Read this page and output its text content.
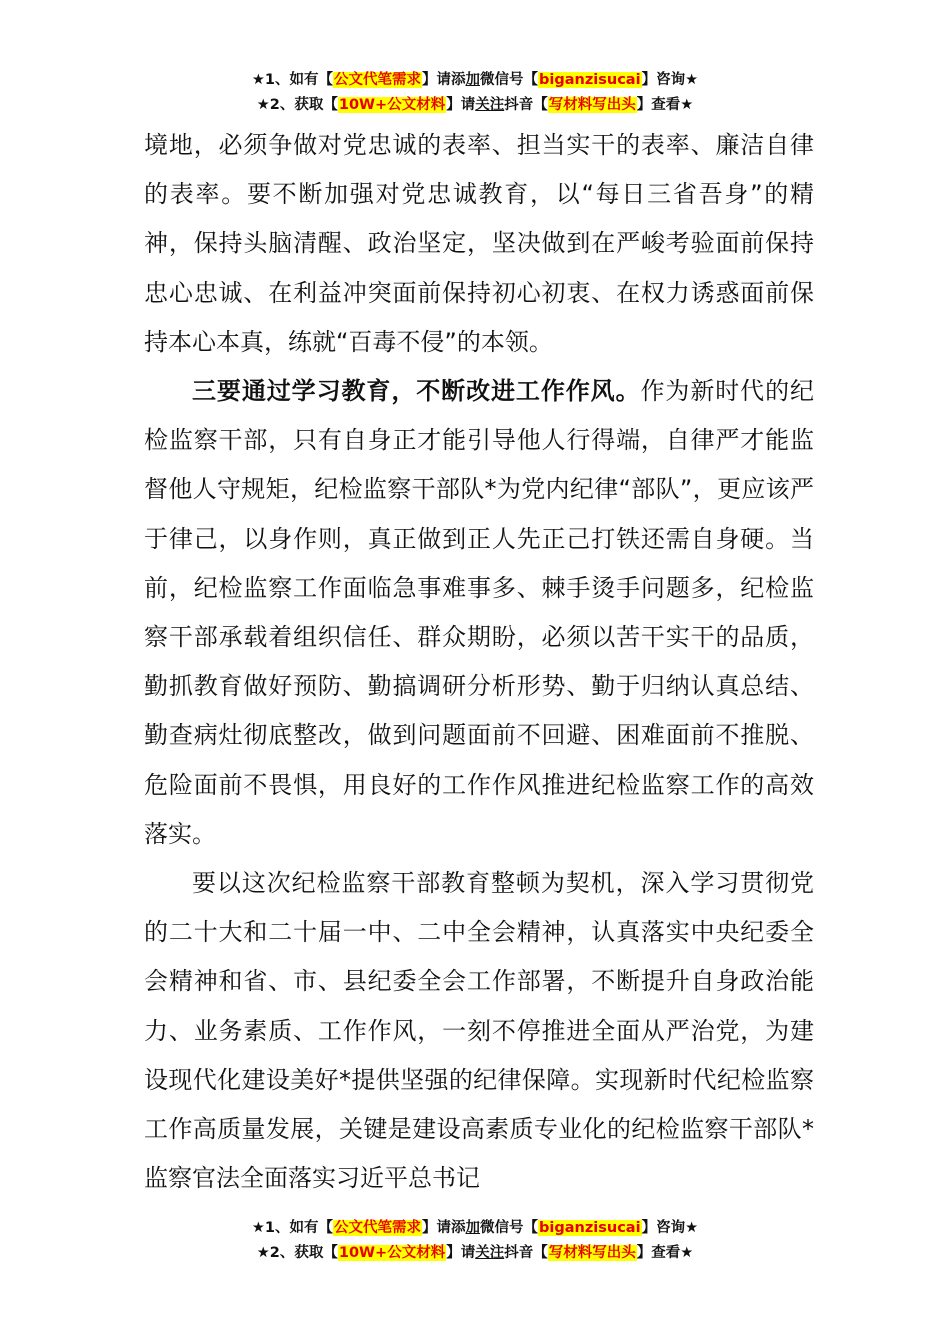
★1、如有【公文代笔需求】请添加微信号【biganzisucai】咨询★
★2、获取【10W+公文材料】请关注抖音【写材料写出头】查看★

境地，必须争做对党忠诚的表率、担当实干的表率、廉洁自律的表率。要不断加强对党忠诚教育，以“每日三省吾身”的精神，保持头脑清醒、政治坚定，坚决做到在严峻考验面前保持忠心忠诚、在利益冲突面前保持初心初衷、在权力诱惑面前保持本心本真，练就“百毒不侵”的本领。

三要通过学习教育，不断改进工作作风。作为新时代的纪检监察干部，只有自身正才能引导他人行得端，自律严才能监督他人守规矩，纪检监察干部队*为党内纪律“部队”，更应该严于律己，以身作则，真正做到正人先正己打铁还需自身硬。当前，纪检监察工作面临急事难事多、棘手烫手问题多，纪检监察干部承载着组织信任、群众期盼，必须以苦干实干的品质，勤抓教育做好预防、勤搞调研分析形势、勤于归纳认真总结、勤查病灶彻底整改，做到问题面前不回避、困难面前不推脱、危险面前不畏惧，用良好的工作作风推进纪检监察工作的高效落实。

要以这次纪检监察干部教育整顿为契机，深入学习贯彻党的二十大和二十届一中、二中全会精神，认真落实中央纪委全会精神和省、市、县纪委全会工作部署，不断提升自身政治能力、业务素质、工作作风，一刻不停推进全面从严治党，为建设现代化建设美好*提供坚强的纪律保障。实现新时代纪检监察工作高质量发展，关键是建设高素质专业化的纪检监察干部队*监察官法全面落实习近平总书记

★1、如有【公文代笔需求】请添加微信号【biganzisucai】咨询★
★2、获取【10W+公文材料】请关注抖音【写材料写出头】查看★
